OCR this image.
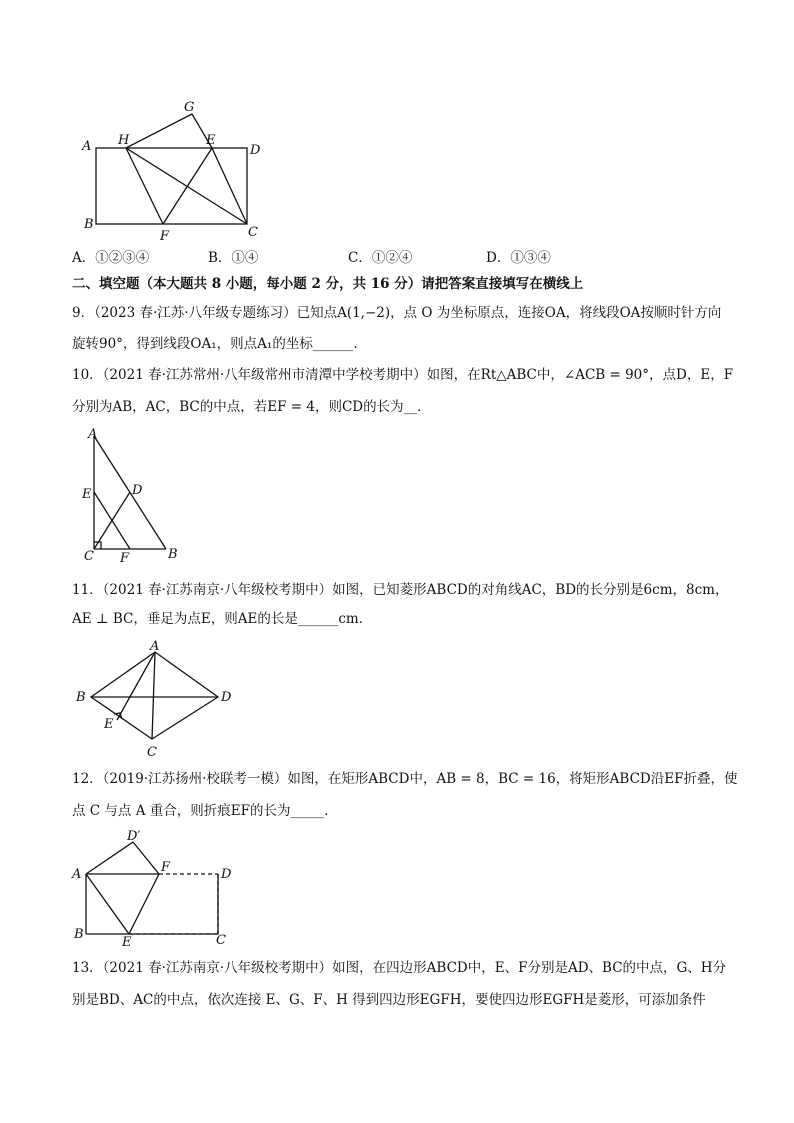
G
H	E
A	D
B
F	C
A．①②③④	B．①④	C．①②④	D．①③④
二、填空题（本大题共 8 小题，每小题 2 分，共 16 分）请把答案直接填写在横线上
9．（2023 春·江苏·八年级专题练习）已知点A(1,−2)，点 O 为坐标原点，连接OA，将线段OA按顺时针方向
旋转90°，得到线段OA₁，则点A₁的坐标______．
10．（2021 春·江苏常州·八年级常州市清潭中学校考期中）如图，在Rt△ABC中，∠ACB = 90°，点D，E，F
分别为AB，AC，BC的中点，若EF = 4，则CD的长为__．
A
E	D
C F	B
11．（2021 春·江苏南京·八年级校考期中）如图，已知菱形ABCD的对角线AC，BD的长分别是6cm，8cm，
AE ⊥ BC，垂足为点E，则AE的长是______cm．
A
B	D
E
C
12．（2019·江苏扬州·校联考一模）如图，在矩形ABCD中，AB = 8，BC = 16，将矩形ABCD沿EF折叠，使
点 C 与点 A 重合，则折痕EF的长为_____．
D′
F
A	D
B
E	C
13．（2021 春·江苏南京·八年级校考期中）如图，在四边形ABCD中，E、F分别是AD、BC的中点，G、H分
别是BD、AC的中点，依次连接 E、G、F、H 得到四边形EGFH，要使四边形EGFH是菱形，可添加条件
